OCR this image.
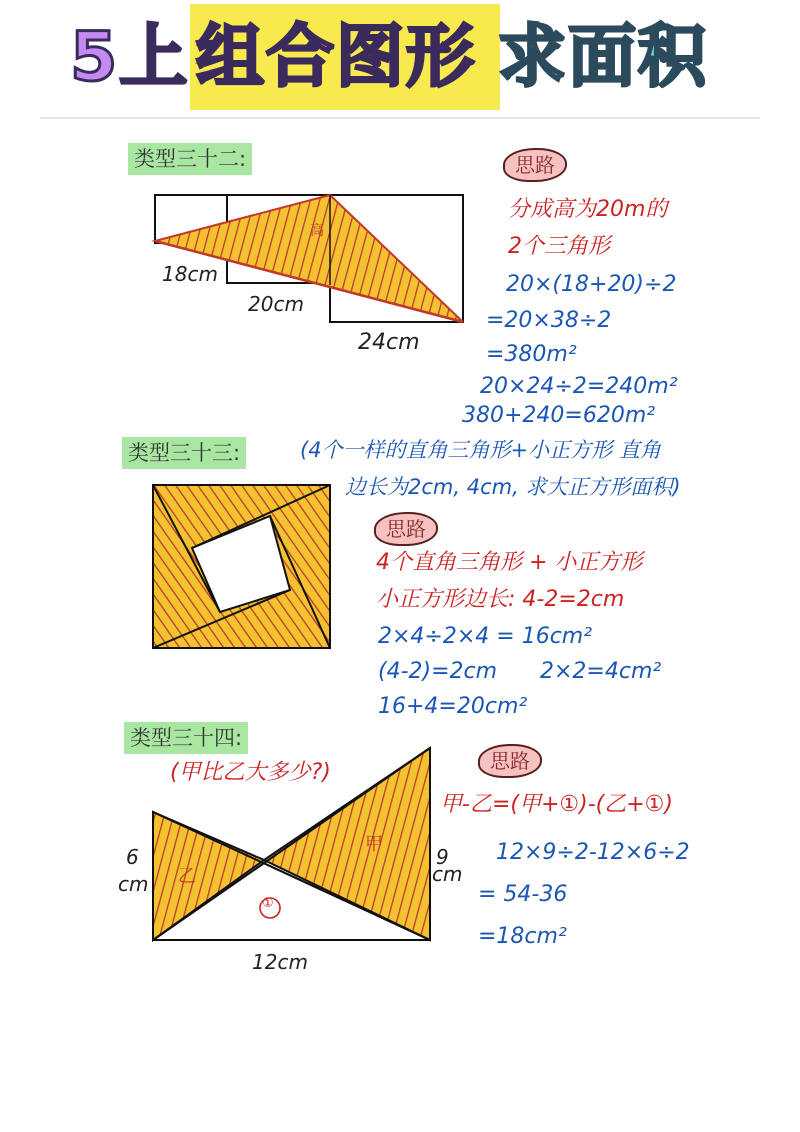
5上 组合图形 求面积
类型三十二:
18cm
20cm
24cm
高
思路
分成高为20m的
2个三角形
20×(18+20)÷2
=20×38÷2
=380m²
20×24÷2=240m²
380+240=620m²
类型三十三:	(4个一样的直角三角形+小正方形 直角
边长为2cm, 4cm, 求大正方形面积)
思路
4个直角三角形 + 小正方形
小正方形边长: 4-2=2cm
2×4÷2×4 = 16cm²
(4-2)=2cm 2×2=4cm²
16+4=20cm²
类型三十四:
(甲比乙大多少?)
乙
甲
①
6
cm
9
cm
12cm
思路
甲-乙=(甲+①)-(乙+①)
12×9÷2-12×6÷2
= 54-36
=18cm²
